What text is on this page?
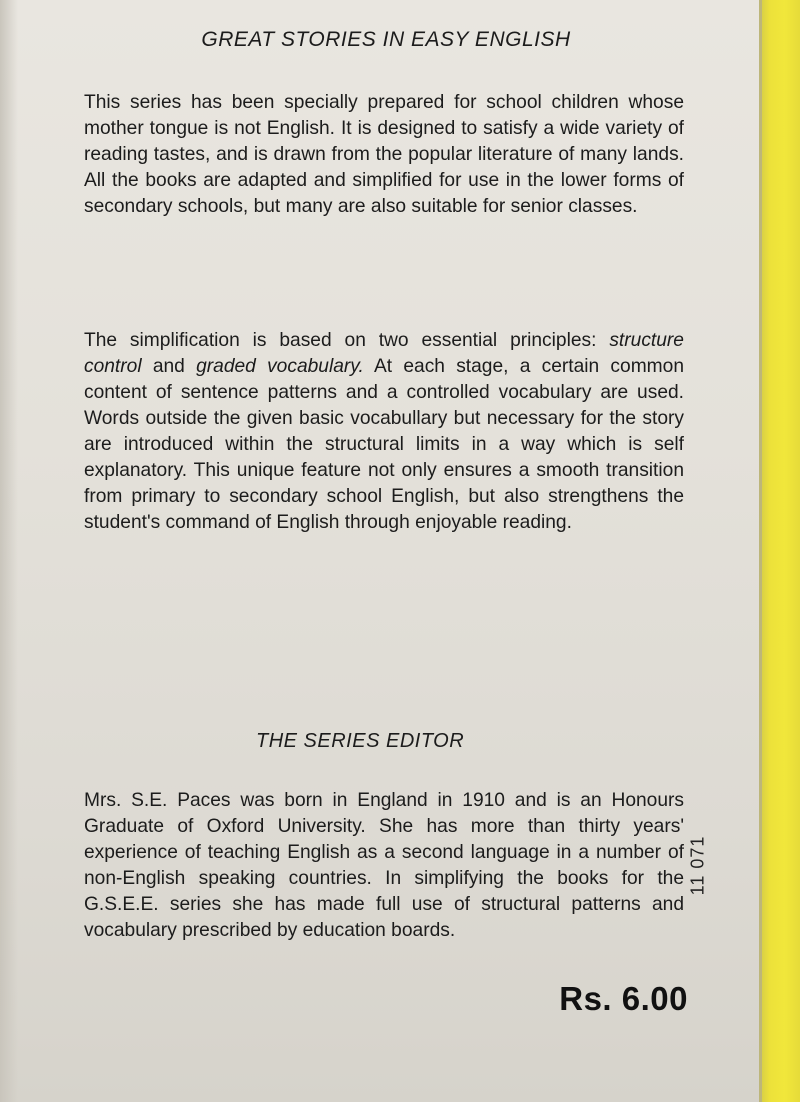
GREAT STORIES IN EASY ENGLISH

This series has been specially prepared for school children whose mother tongue is not English. It is designed to satisfy a wide variety of reading tastes, and is drawn from the popular literature of many lands. All the books are adapted and simplified for use in the lower forms of secondary schools, but many are also suitable for senior classes.

The simplification is based on two essential principles: structure control and graded vocabulary. At each stage, a certain common content of sentence patterns and a controlled vocabulary are used. Words outside the given basic vocabullary but necessary for the story are introduced within the structural limits in a way which is self explanatory. This unique feature not only ensures a smooth transition from primary to secondary school English, but also strengthens the student's command of English through enjoyable reading.

THE SERIES EDITOR

Mrs. S.E. Paces was born in England in 1910 and is an Honours Graduate of Oxford University. She has more than thirty years' experience of teaching English as a second language in a number of non-English speaking countries. In simplifying the books for the G.S.E.E. series she has made full use of structural patterns and vocabulary prescribed by education boards.

11 071
Rs. 6.00
